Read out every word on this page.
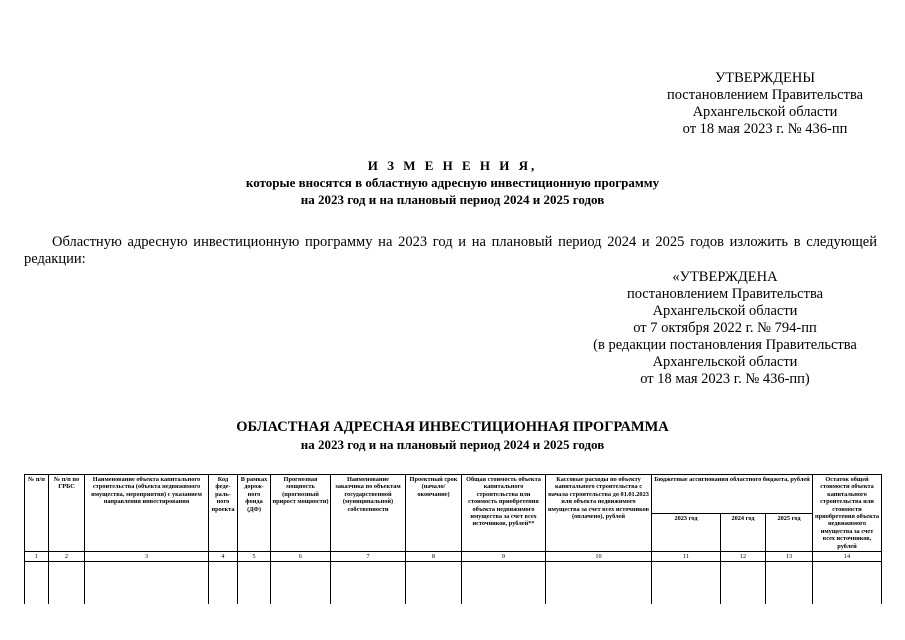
УТВЕРЖДЕНЫ
постановлением Правительства
Архангельской области
от 18 мая 2023 г. № 436-пп
И З М Е Н Е Н И Я,
которые вносятся в областную адресную инвестиционную программу
на 2023 год и на плановый период 2024 и 2025 годов

Областную адресную инвестиционную программу на 2023 год и на плановый период 2024 и 2025 годов изложить в следующей редакции:

«УТВЕРЖДЕНА
постановлением Правительства
Архангельской области
от 7 октября 2022 г. № 794-пп
(в редакции постановления Правительства
Архангельской области
от 18 мая 2023 г. № 436-пп)
ОБЛАСТНАЯ АДРЕСНАЯ ИНВЕСТИЦИОННАЯ ПРОГРАММА
на 2023 год и на плановый период 2024 и 2025 годов
№ п/п	№ п/п по ГРБС	Наименование объекта капитального строительства (объекта недвижимого имущества, мероприятия) с указанием направления инвестирования	Код феде-раль-ного проекта	В рамках дорож-ного фонда (ДФ)	Прогнозная мощность (прогнозный прирост мощности)	Наименование заказчика по объектам государственной (муниципальной) собственности	Проектный срок (начало/ окончание)	Общая стоимость объекта капитального строительства или стоимость приобретения объекта недвижимого имущества за счет всех источников, рублей**	Кассовые расходы по объекту капитального строительства с начала строительства до 01.01.2023 или объекта недвижимого имущества за счет всех источников (оплачено), рублей	Бюджетные ассигнования областного бюджета, рублей			Остаток общей стоимости объекта капитального строительства или стоимости приобретения объекта недвижимого имущества за счет всех источников, рублей
										2023 год	2024 год	2025 год	
1	2	3	4	5	6	7	8	9	10	11	12	13	14
